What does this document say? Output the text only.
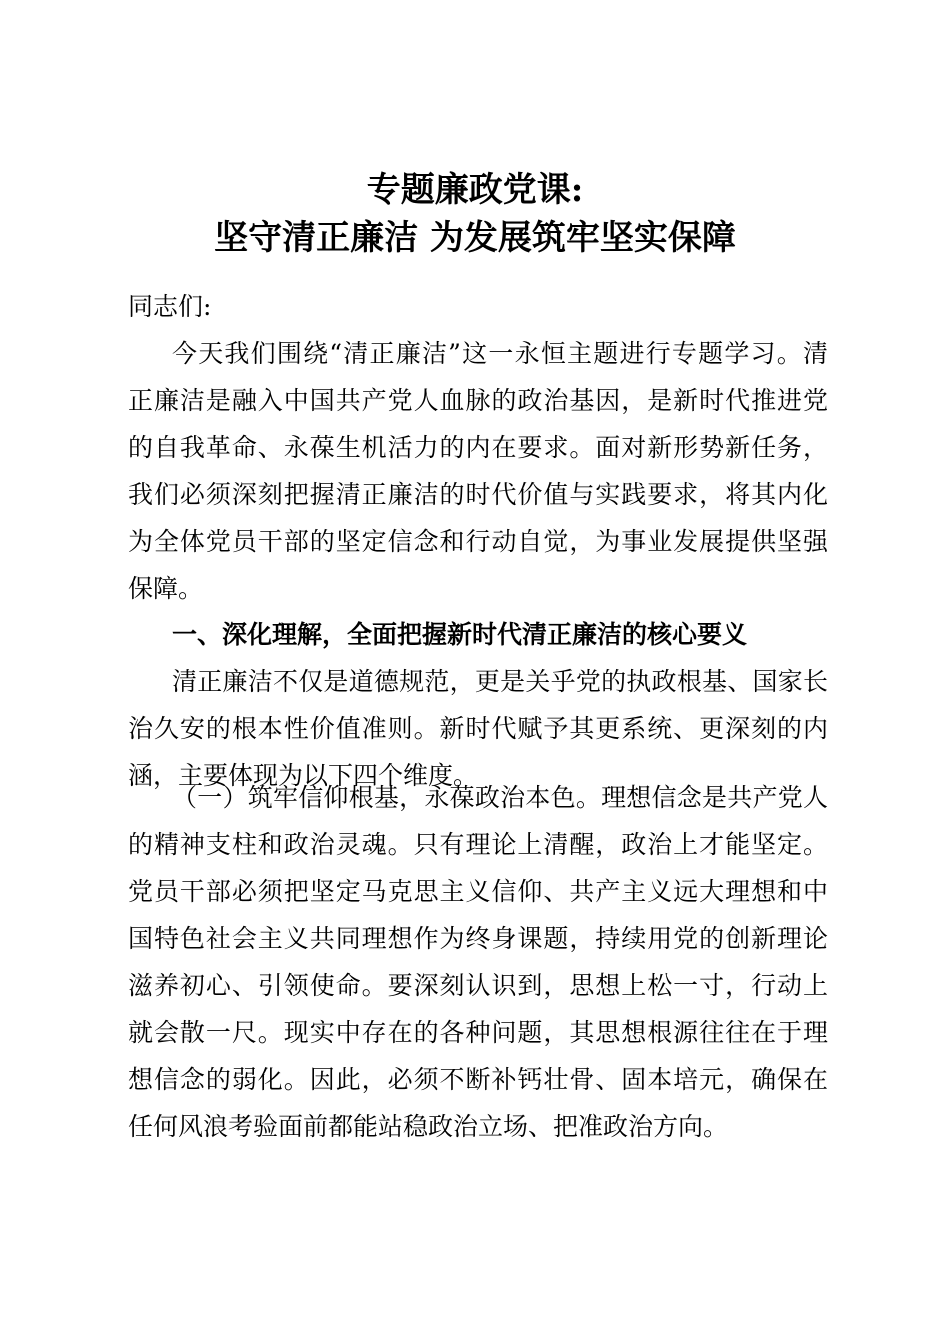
专题廉政党课:
坚守清正廉洁 为发展筑牢坚实保障
同志们:
今天我们围绕“清正廉洁”这一永恒主题进行专题学习。清
正廉洁是融入中国共产党人血脉的政治基因，是新时代推进党
的自我革命、永葆生机活力的内在要求。面对新形势新任务，
我们必须深刻把握清正廉洁的时代价值与实践要求，将其内化
为全体党员干部的坚定信念和行动自觉，为事业发展提供坚强
保障。
一、深化理解，全面把握新时代清正廉洁的核心要义
清正廉洁不仅是道德规范，更是关乎党的执政根基、国家长
治久安的根本性价值准则。新时代赋予其更系统、更深刻的内
涵，主要体现为以下四个维度。
（一）筑牢信仰根基，永葆政治本色。理想信念是共产党人
的精神支柱和政治灵魂。只有理论上清醒，政治上才能坚定。
党员干部必须把坚定马克思主义信仰、共产主义远大理想和中
国特色社会主义共同理想作为终身课题，持续用党的创新理论
滋养初心、引领使命。要深刻认识到，思想上松一寸，行动上
就会散一尺。现实中存在的各种问题，其思想根源往往在于理
想信念的弱化。因此，必须不断补钙壮骨、固本培元，确保在
任何风浪考验面前都能站稳政治立场、把准政治方向。
